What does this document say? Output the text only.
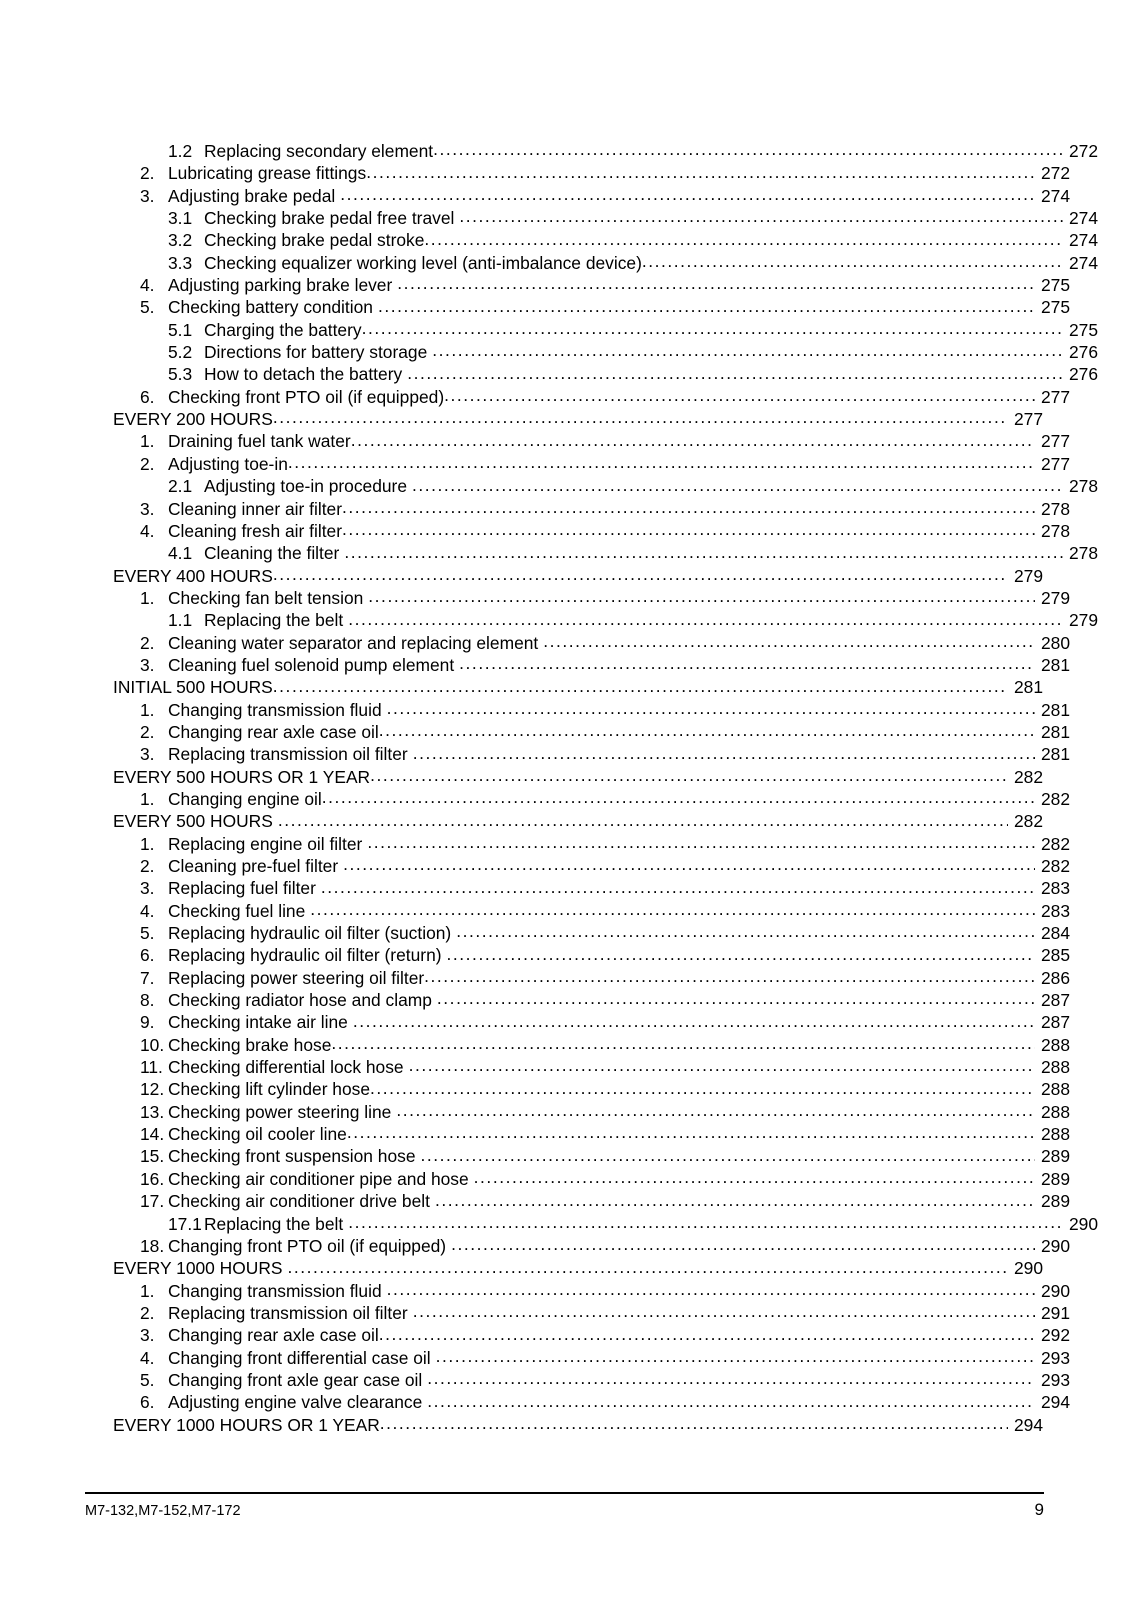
1.2 Replacing secondary element .....	272
2. Lubricating grease fittings .....	272
3. Adjusting brake pedal .....	274
3.1 Checking brake pedal free travel .....	274
3.2 Checking brake pedal stroke .....	274
3.3 Checking equalizer working level (anti-imbalance device) .....	274
4. Adjusting parking brake lever .....	275
5. Checking battery condition .....	275
5.1 Charging the battery .....	275
5.2 Directions for battery storage .....	276
5.3 How to detach the battery .....	276
6. Checking front PTO oil (if equipped) .....	277
EVERY 200 HOURS .....	277
1. Draining fuel tank water .....	277
2. Adjusting toe-in .....	277
2.1 Adjusting toe-in procedure .....	278
3. Cleaning inner air filter .....	278
4. Cleaning fresh air filter .....	278
4.1 Cleaning the filter .....	278
EVERY 400 HOURS .....	279
1. Checking fan belt tension .....	279
1.1 Replacing the belt .....	279
2. Cleaning water separator and replacing element .....	280
3. Cleaning fuel solenoid pump element .....	281
INITIAL 500 HOURS .....	281
1. Changing transmission fluid .....	281
2. Changing rear axle case oil .....	281
3. Replacing transmission oil filter .....	281
EVERY 500 HOURS OR 1 YEAR .....	282
1. Changing engine oil .....	282
EVERY 500 HOURS .....	282
1. Replacing engine oil filter .....	282
2. Cleaning pre-fuel filter .....	282
3. Replacing fuel filter .....	283
4. Checking fuel line .....	283
5. Replacing hydraulic oil filter (suction) .....	284
6. Replacing hydraulic oil filter (return) .....	285
7. Replacing power steering oil filter .....	286
8. Checking radiator hose and clamp .....	287
9. Checking intake air line .....	287
10. Checking brake hose .....	288
11. Checking differential lock hose .....	288
12. Checking lift cylinder hose .....	288
13. Checking power steering line .....	288
14. Checking oil cooler line .....	288
15. Checking front suspension hose .....	289
16. Checking air conditioner pipe and hose .....	289
17. Checking air conditioner drive belt .....	289
17.1 Replacing the belt .....	290
18. Changing front PTO oil (if equipped) .....	290
EVERY 1000 HOURS .....	290
1. Changing transmission fluid .....	290
2. Replacing transmission oil filter .....	291
3. Changing rear axle case oil .....	292
4. Changing front differential case oil .....	293
5. Changing front axle gear case oil .....	293
6. Adjusting engine valve clearance .....	294
EVERY 1000 HOURS OR 1 YEAR .....	294
M7-132,M7-152,M7-172	9
